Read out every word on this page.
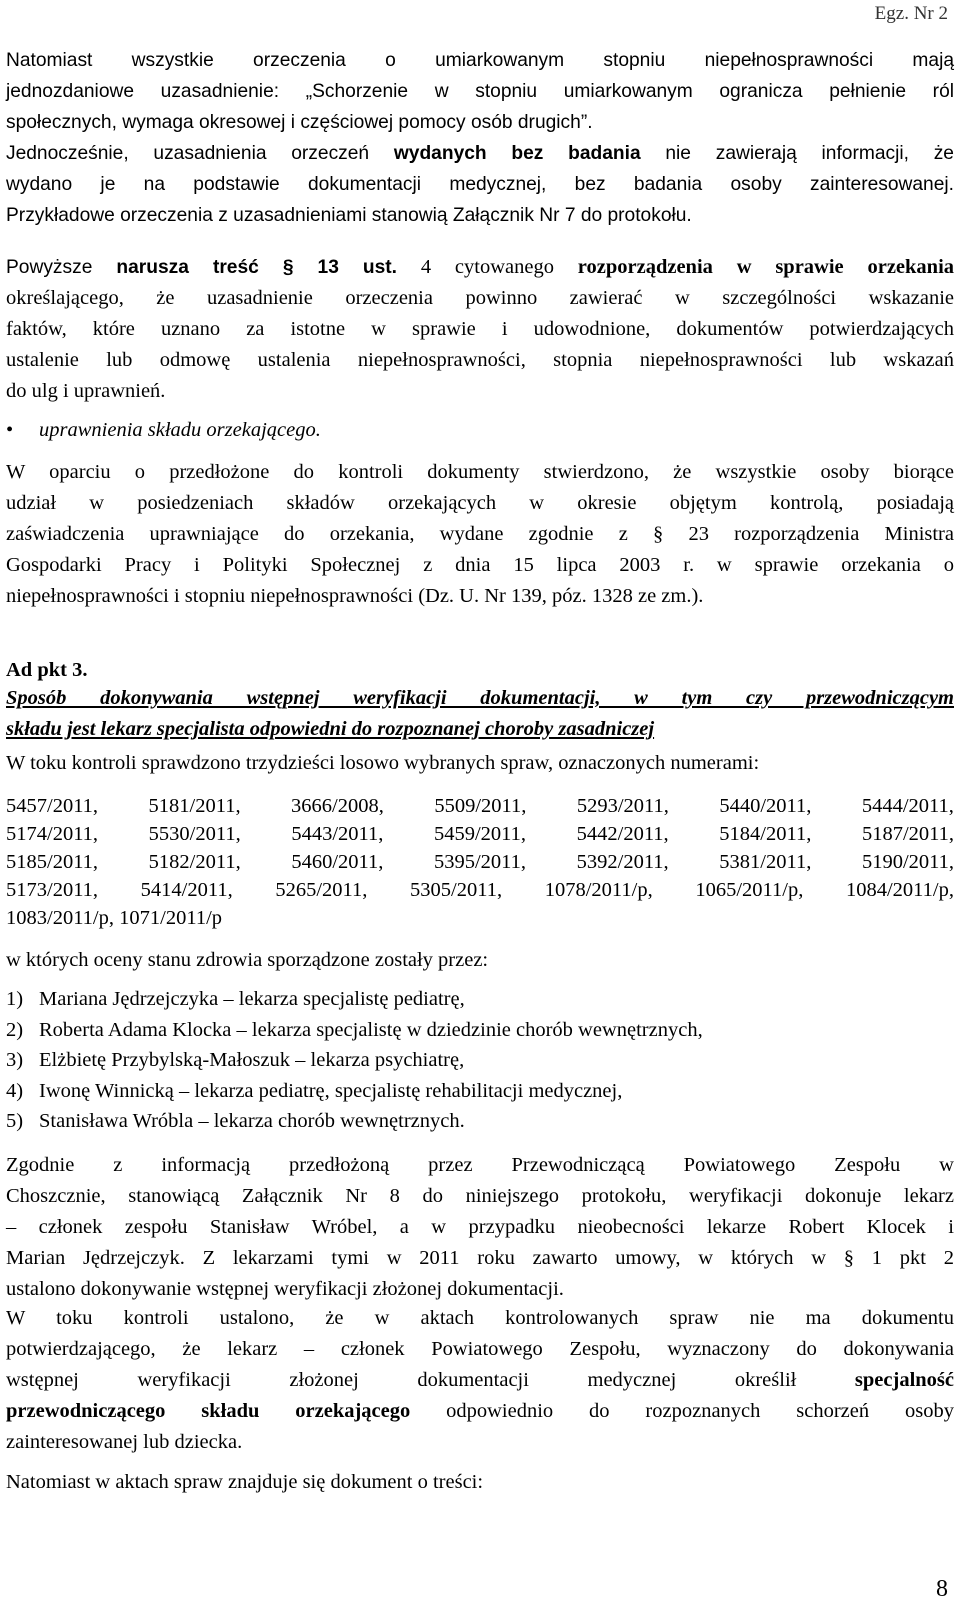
Egz. Nr 2
Natomiast wszystkie orzeczenia o umiarkowanym stopniu niepełnosprawności mają
jednozdaniowe uzasadnienie: „Schorzenie w stopniu umiarkowanym ogranicza pełnienie ról
społecznych, wymaga okresowej i częściowej pomocy osób drugich”.
Jednocześnie, uzasadnienia orzeczeń wydanych bez badania nie zawierają informacji, że
wydano je na podstawie dokumentacji medycznej, bez badania osoby zainteresowanej.
Przykładowe orzeczenia z uzasadnieniami stanowią Załącznik Nr 7 do protokołu.
Powyższe narusza treść § 13 ust. 4 cytowanego rozporządzenia w sprawie orzekania
określającego, że uzasadnienie orzeczenia powinno zawierać w szczególności wskazanie
faktów, które uznano za istotne w sprawie i udowodnione, dokumentów potwierdzających
ustalenie lub odmowę ustalenia niepełnosprawności, stopnia niepełnosprawności lub wskazań
do ulg i uprawnień.
• uprawnienia składu orzekającego.
W oparciu o przedłożone do kontroli dokumenty stwierdzono, że wszystkie osoby biorące
udział w posiedzeniach składów orzekających w okresie objętym kontrolą, posiadają
zaświadczenia uprawniające do orzekania, wydane zgodnie z § 23 rozporządzenia Ministra
Gospodarki Pracy i Polityki Społecznej z dnia 15 lipca 2003 r. w sprawie orzekania o
niepełnosprawności i stopniu niepełnosprawności (Dz. U. Nr 139, póz. 1328 ze zm.).
Ad pkt 3.
Sposób dokonywania wstępnej weryfikacji dokumentacji, w tym czy przewodniczącym
składu jest lekarz specjalista odpowiedni do rozpoznanej choroby zasadniczej
W toku kontroli sprawdzono trzydzieści losowo wybranych spraw, oznaczonych numerami:
5457/2011, 5181/2011, 3666/2008, 5509/2011, 5293/2011, 5440/2011, 5444/2011,
5174/2011, 5530/2011, 5443/2011, 5459/2011, 5442/2011, 5184/2011, 5187/2011,
5185/2011, 5182/2011, 5460/2011, 5395/2011, 5392/2011, 5381/2011, 5190/2011,
5173/2011, 5414/2011, 5265/2011, 5305/2011, 1078/2011/p, 1065/2011/p, 1084/2011/p,
1083/2011/p, 1071/2011/p
w których oceny stanu zdrowia sporządzone zostały przez:
1) Mariana Jędrzejczyka – lekarza specjalistę pediatrę,
2) Roberta Adama Klocka – lekarza specjalistę w dziedzinie chorób wewnętrznych,
3) Elżbietę Przybylską-Małoszuk – lekarza psychiatrę,
4) Iwonę Winnicką – lekarza pediatrę, specjalistę rehabilitacji medycznej,
5) Stanisława Wróbla – lekarza chorób wewnętrznych.
Zgodnie z informacją przedłożoną przez Przewodniczącą Powiatowego Zespołu w
Choszcznie, stanowiącą Załącznik Nr 8 do niniejszego protokołu, weryfikacji dokonuje lekarz
– członek zespołu Stanisław Wróbel, a w przypadku nieobecności lekarze Robert Klocek i
Marian Jędrzejczyk. Z lekarzami tymi w 2011 roku zawarto umowy, w których w § 1 pkt 2
ustalono dokonywanie wstępnej weryfikacji złożonej dokumentacji.
W toku kontroli ustalono, że w aktach kontrolowanych spraw nie ma dokumentu
potwierdzającego, że lekarz – członek Powiatowego Zespołu, wyznaczony do dokonywania
wstępnej weryfikacji złożonej dokumentacji medycznej określił specjalność
przewodniczącego składu orzekającego odpowiednio do rozpoznanych schorzeń osoby
zainteresowanej lub dziecka.
Natomiast w aktach spraw znajduje się dokument o treści:
8
